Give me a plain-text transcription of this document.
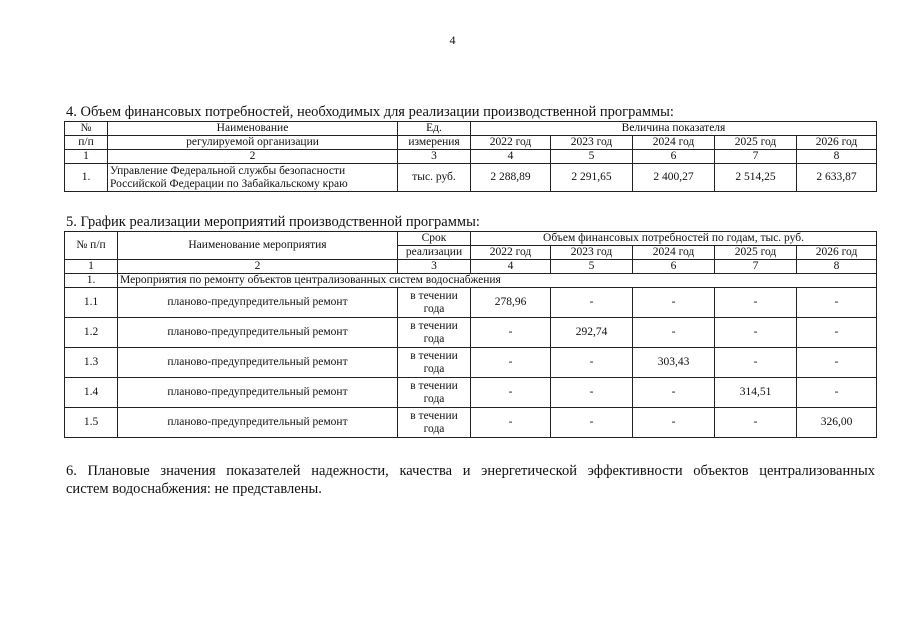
4
4. Объем финансовых потребностей, необходимых для реализации производственной программы:
№	Наименование	Ед.	Величина показателя				
п/п	регулируемой организации	измерения	2022 год	2023 год	2024 год	2025 год	2026 год
1	2	3	4	5	6	7	8
1.	Управление Федеральной службы безопасности
Российской Федерации по Забайкальскому краю	тыс. руб.	2 288,89	2 291,65	2 400,27	2 514,25	2 633,87
5. График реализации мероприятий производственной программы:
№ п/п	Наименование мероприятия	Срок	Объем финансовых потребностей по годам, тыс. руб.				
		реализации	2022 год	2023 год	2024 год	2025 год	2026 год
1	2	3	4	5	6	7	8
1.	Мероприятия по ремонту объектов централизованных систем водоснабжения						
1.1	планово-предупредительный ремонт	в течении
года	278,96	-	-	-	-
1.2	планово-предупредительный ремонт	в течении
года	-	292,74	-	-	-
1.3	планово-предупредительный ремонт	в течении
года	-	-	303,43	-	-
1.4	планово-предупредительный ремонт	в течении
года	-	-	-	314,51	-
1.5	планово-предупредительный ремонт	в течении
года	-	-	-	-	326,00
6. Плановые значения показателей надежности, качества и энергетической эффективности объектов централизованных
систем водоснабжения: не представлены.
